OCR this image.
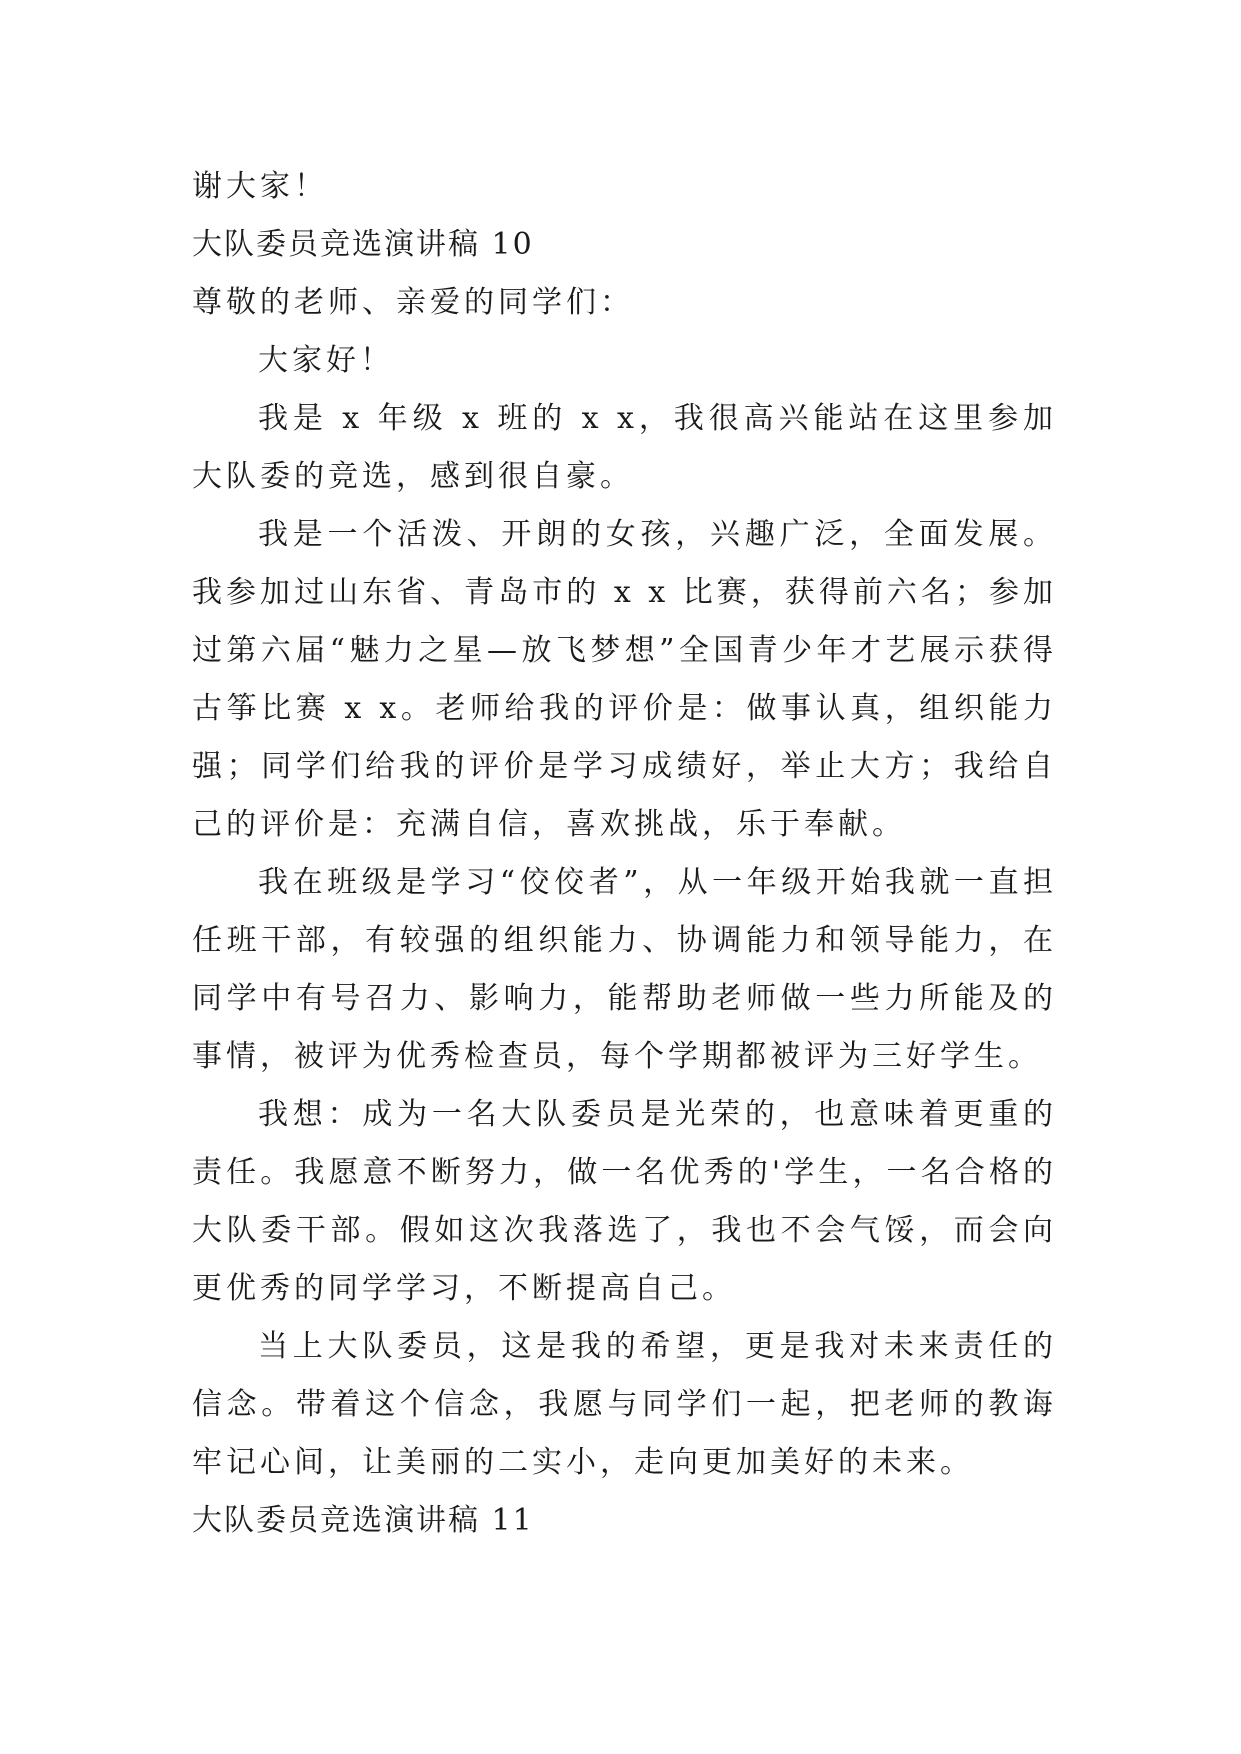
谢大家！

大队委员竞选演讲稿 10

尊敬的老师、亲爱的同学们：

大家好！

我是 x 年级 x 班的 x x，我很高兴能站在这里参加大队委的竞选，感到很自豪。

我是一个活泼、开朗的女孩，兴趣广泛，全面发展。我参加过山东省、青岛市的 x x 比赛，获得前六名；参加过第六届“魅力之星—放飞梦想”全国青少年才艺展示获得古筝比赛 x x。老师给我的评价是：做事认真，组织能力强；同学们给我的评价是学习成绩好，举止大方；我给自己的评价是：充满自信，喜欢挑战，乐于奉献。

我在班级是学习“佼佼者”，从一年级开始我就一直担任班干部，有较强的组织能力、协调能力和领导能力，在同学中有号召力、影响力，能帮助老师做一些力所能及的事情，被评为优秀检查员，每个学期都被评为三好学生。

我想：成为一名大队委员是光荣的，也意味着更重的责任。我愿意不断努力，做一名优秀的'学生，一名合格的大队委干部。假如这次我落选了，我也不会气馁，而会向更优秀的同学学习，不断提高自己。

当上大队委员，这是我的希望，更是我对未来责任的信念。带着这个信念，我愿与同学们一起，把老师的教诲牢记心间，让美丽的二实小，走向更加美好的未来。

大队委员竞选演讲稿 11
